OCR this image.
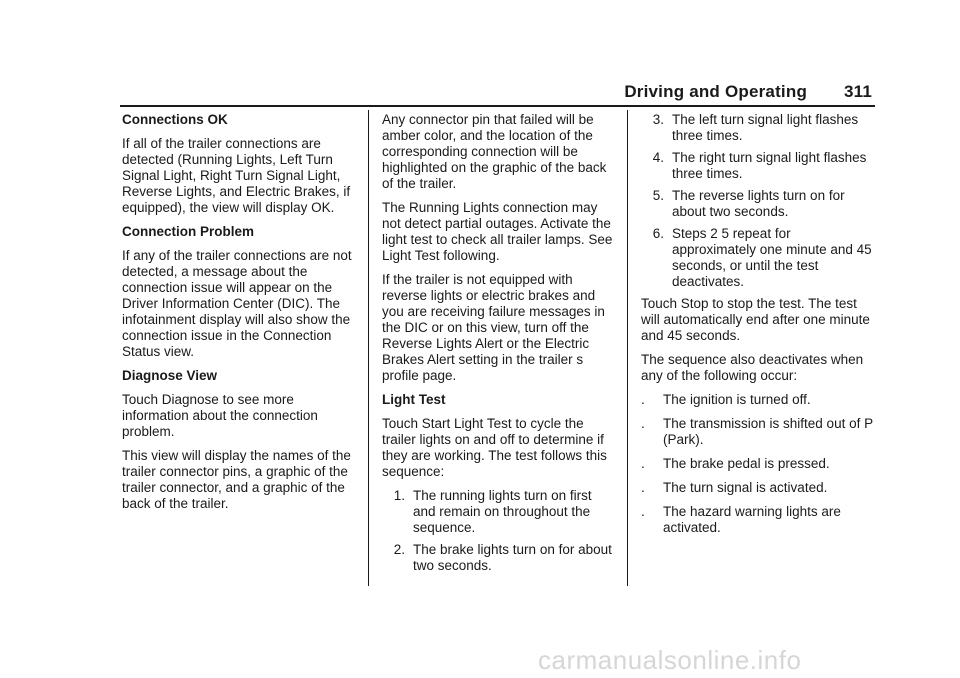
Driving and Operating 311
Connections OK

If all of the trailer connections are detected (Running Lights, Left Turn Signal Light, Right Turn Signal Light, Reverse Lights, and Electric Brakes, if equipped), the view will display OK.

Connection Problem

If any of the trailer connections are not detected, a message about the connection issue will appear on the Driver Information Center (DIC). The infotainment display will also show the connection issue in the Connection Status view.

Diagnose View

Touch Diagnose to see more information about the connection problem.

This view will display the names of the trailer connector pins, a graphic of the trailer connector, and a graphic of the back of the trailer.

Any connector pin that failed will be amber color, and the location of the corresponding connection will be highlighted on the graphic of the back of the trailer.

The Running Lights connection may not detect partial outages. Activate the light test to check all trailer lamps. See Light Test following.

If the trailer is not equipped with reverse lights or electric brakes and you are receiving failure messages in the DIC or on this view, turn off the Reverse Lights Alert or the Electric Brakes Alert setting in the trailer s profile page.

Light Test

Touch Start Light Test to cycle the trailer lights on and off to determine if they are working. The test follows this sequence:

1. The running lights turn on first and remain on throughout the sequence.
2. The brake lights turn on for about two seconds.
3. The left turn signal light flashes three times.
4. The right turn signal light flashes three times.
5. The reverse lights turn on for about two seconds.
6. Steps 2 5 repeat for approximately one minute and 45 seconds, or until the test deactivates.

Touch Stop to stop the test. The test will automatically end after one minute and 45 seconds.

The sequence also deactivates when any of the following occur:

.	The ignition is turned off.
.	The transmission is shifted out of P (Park).
.	The brake pedal is pressed.
.	The turn signal is activated.
.	The hazard warning lights are activated.
carmanualsonline.info
